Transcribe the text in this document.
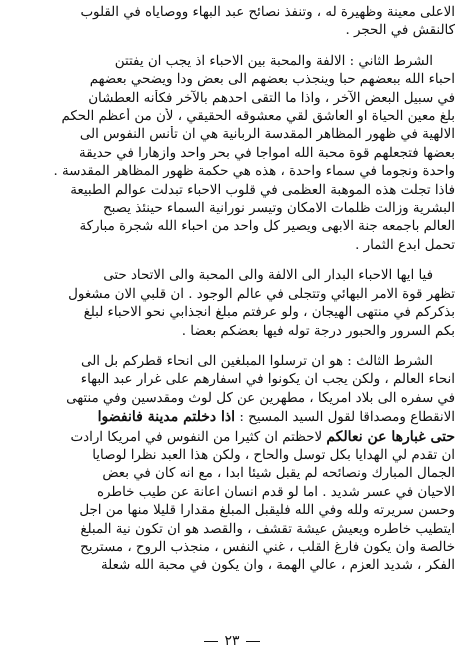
الاعلى معينة وظهيرة له ، وتنفذ نصائح عبد البهاء ووصاياه في القلوب
كالنقش في الحجر .
الشرط الثاني : الالفة والمحبة بين الاحباء اذ يجب ان يفتتن
احباء الله ببعضهم حبا وينجذب بعضهم الى بعض ودا ويضحي بعضهم
في سبيل البعض الآخر ، واذا ما التقى احدهم بالآخر فكأنه العطشان
بلغ معين الحياة او العاشق لقي معشوقه الحقيقي ، لأن من أعظم الحكم
الالهية في ظهور المظاهر المقدسة الربانية هي ان تأنس النفوس الى
بعضها فتجعلهم قوة محبة الله امواجا في بحر واحد وازهارا في حديقة
واحدة ونجوما في سماء واحدة ، هذه هي حكمة ظهور المظاهر المقدسة .
فاذا تجلت هذه الموهبة العظمى في قلوب الاحباء تبدلت عوالم الطبيعة
البشرية وزالت ظلمات الامكان وتيسر نورانية السماء حينئذ يصبح
العالم باجمعه جنة الابهى ويصير كل واحد من احباء الله شجرة مباركة
تحمل ابدع الثمار .
فيا ايها الاحباء البدار الى الالفة والى المحبة والى الاتحاد حتى
تظهر قوة الامر البهائي وتتجلى في عالم الوجود . ان قلبي الان مشغول
بذكركم في منتهى الهيجان ، ولو عرفتم مبلغ انجذابي نحو الاحباء لبلغ
بكم السرور والحبور درجة توله فيها بعضكم بعضا .
الشرط الثالث : هو ان ترسلوا المبلغين الى انحاء قطركم بل الى
انحاء العالم ، ولكن يجب ان يكونوا في اسفارهم على غرار عبد البهاء
في سفره الى بلاد امريكا ، مطهرين عن كل لوث ومقدسين وفي منتهى
الانقطاع ومصداقا لقول السيد المسيح : اذا دخلتم مدينة فانفضوا
حتى غبارها عن نعالكم لاحظتم ان كثيرا من النفوس في امريكا ارادت
ان تقدم لي الهدايا بكل توسل والحاح ، ولكن هذا العبد نظرا لوصايا
الجمال المبارك ونصائحه لم يقبل شيئا ابدا ، مع انه كان في بعض
الاحيان في عسر شديد . اما لو قدم انسان اعانة عن طيب خاطره
وحسن سريرته ولله وفي الله فليقبل المبلغ مقدارا قليلا منها من اجل
ايتطيب خاطره ويعيش عيشة تقشف ، والقصد هو ان تكون نية المبلغ
خالصة وان يكون فارغ القلب ، غني النفس ، منجذب الروح ، مستريح
الفكر ، شديد العزم ، عالي الهمة ، وان يكون في محبة الله شعلة
٢٣
